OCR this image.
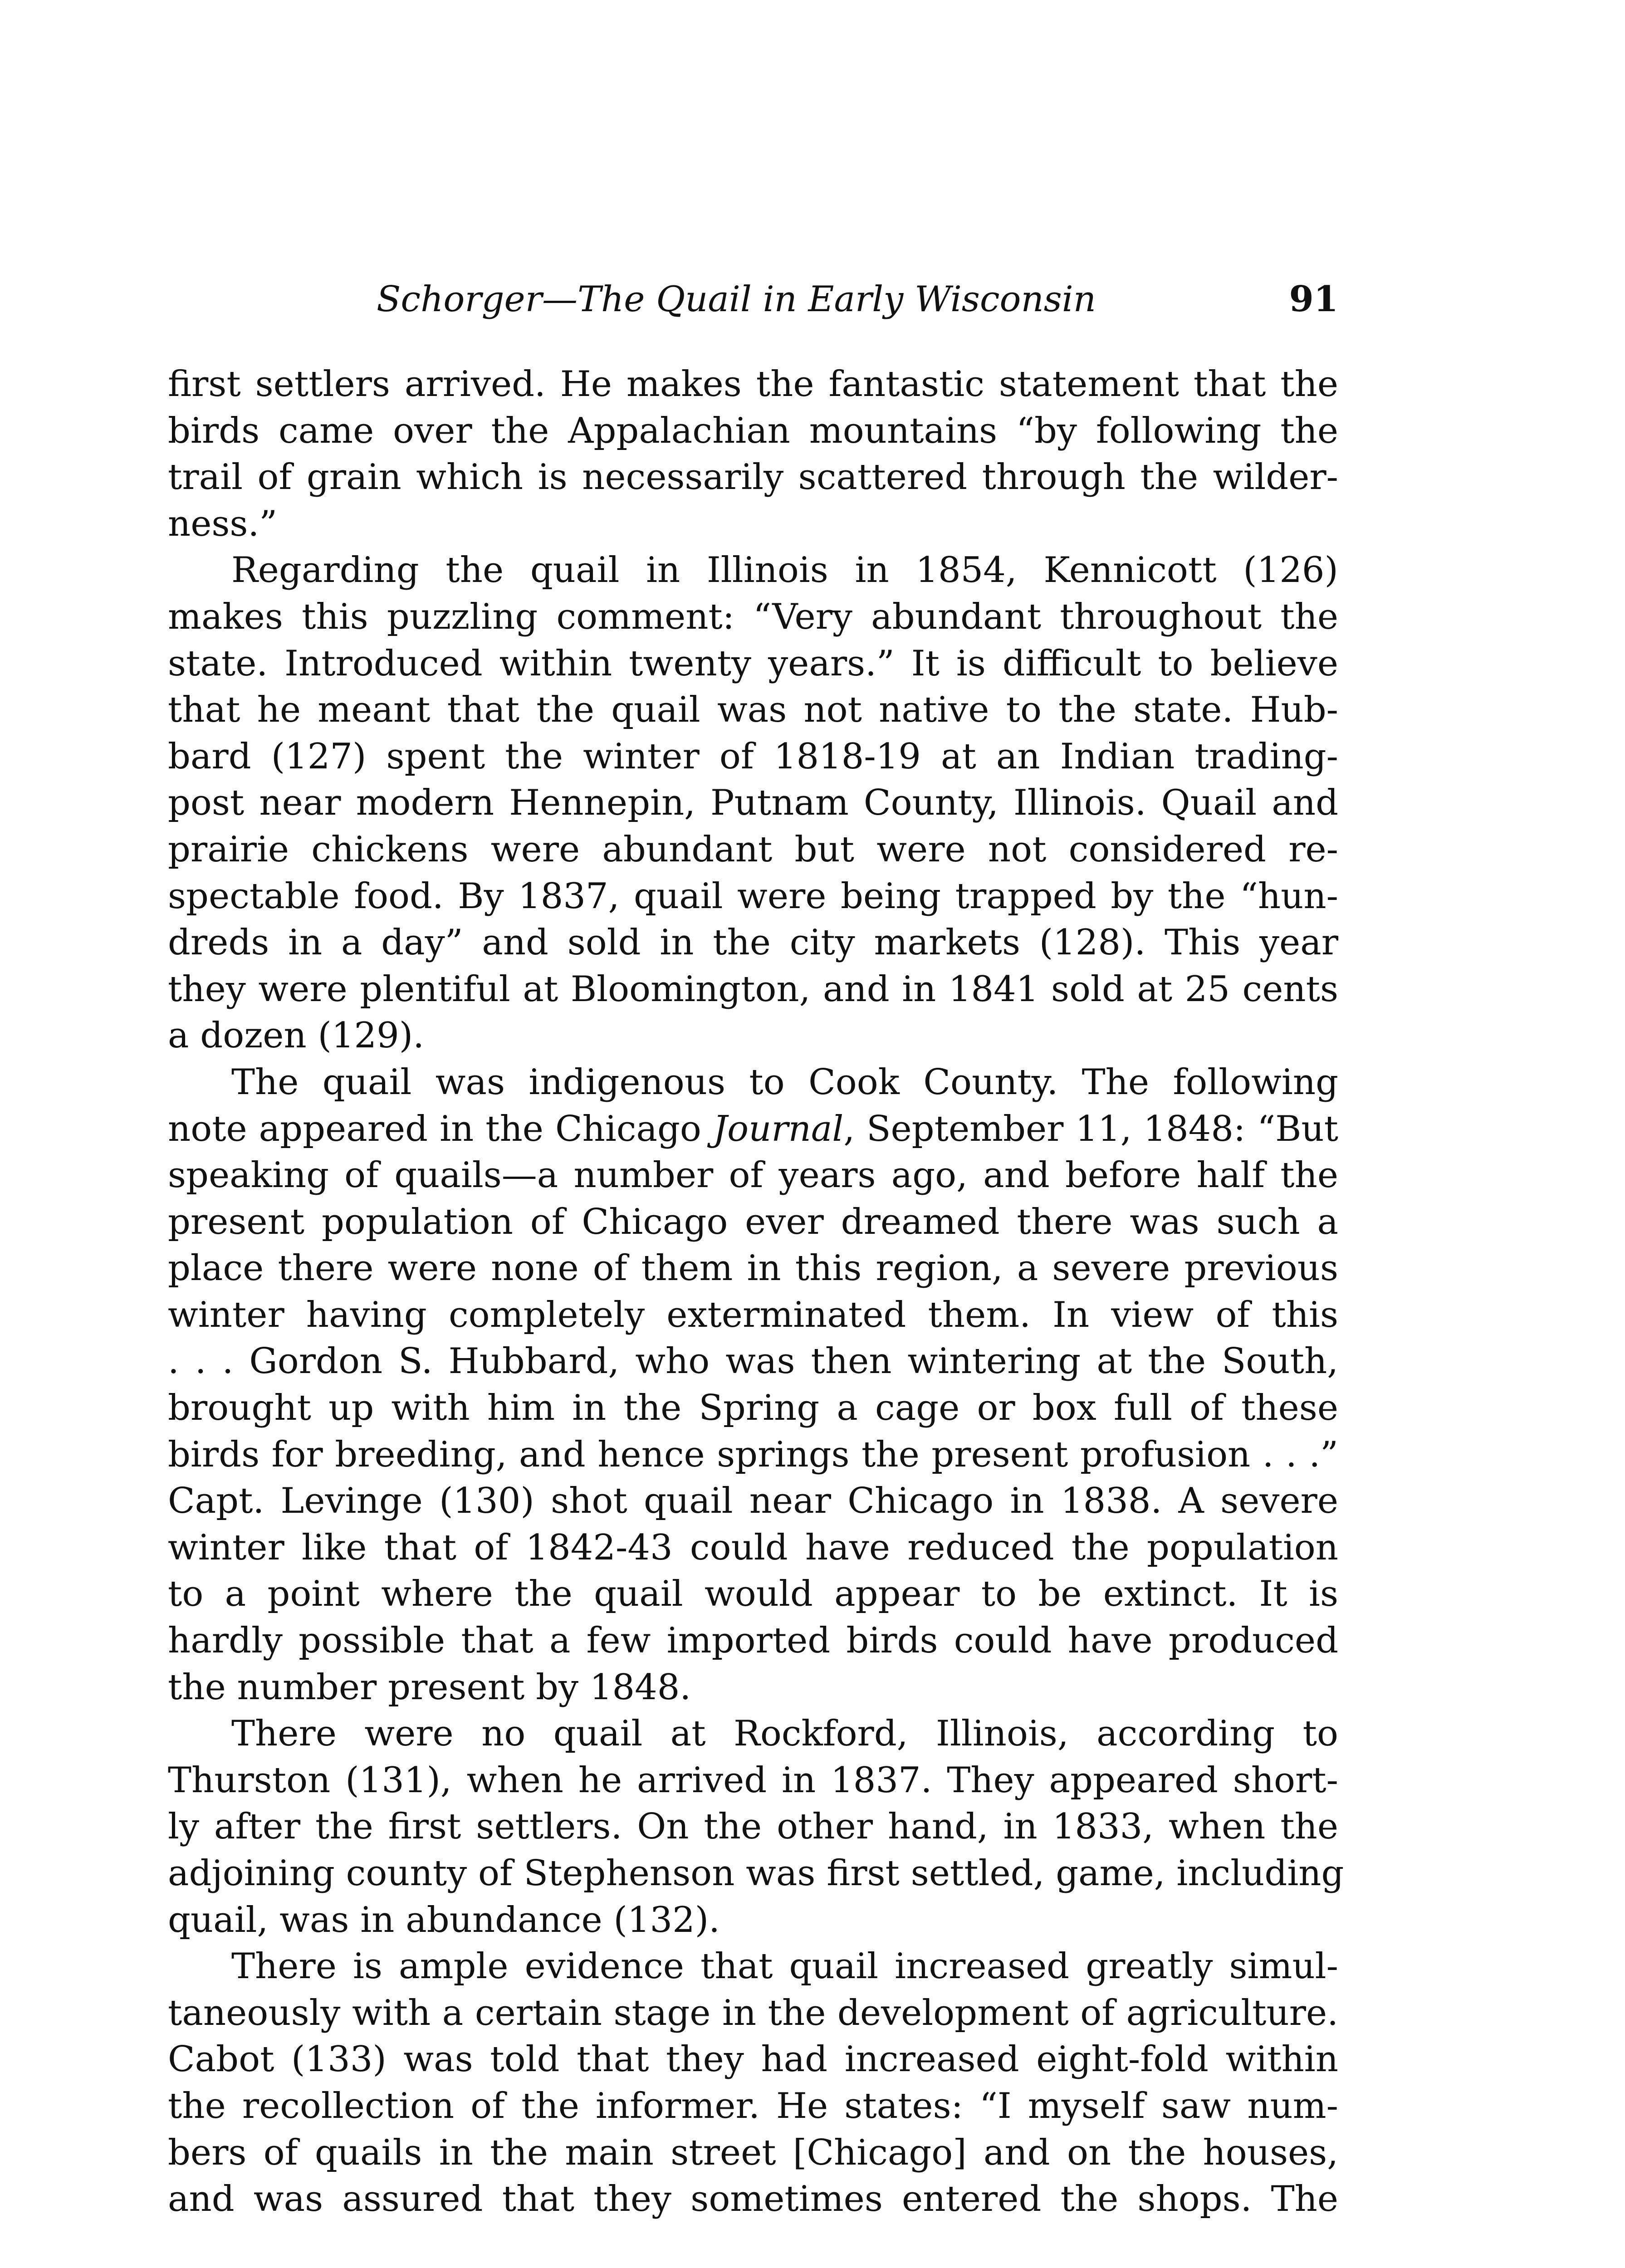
Schorger—The Quail in Early Wisconsin	91
first settlers arrived. He makes the fantastic statement that the
birds came over the Appalachian mountains “by following the
trail of grain which is necessarily scattered through the wilder-
ness.”
Regarding the quail in Illinois in 1854, Kennicott (126)
makes this puzzling comment: “Very abundant throughout the
state. Introduced within twenty years.” It is difficult to believe
that he meant that the quail was not native to the state. Hub-
bard (127) spent the winter of 1818-19 at an Indian trading-
post near modern Hennepin, Putnam County, Illinois. Quail and
prairie chickens were abundant but were not considered re-
spectable food. By 1837, quail were being trapped by the “hun-
dreds in a day” and sold in the city markets (128). This year
they were plentiful at Bloomington, and in 1841 sold at 25 cents
a dozen (129).
The quail was indigenous to Cook County. The following
note appeared in the Chicago Journal, September 11, 1848: “But
speaking of quails—a number of years ago, and before half the
present population of Chicago ever dreamed there was such a
place there were none of them in this region, a severe previous
winter having completely exterminated them. In view of this
. . . Gordon S. Hubbard, who was then wintering at the South,
brought up with him in the Spring a cage or box full of these
birds for breeding, and hence springs the present profusion . . .”
Capt. Levinge (130) shot quail near Chicago in 1838. A severe
winter like that of 1842-43 could have reduced the population
to a point where the quail would appear to be extinct. It is
hardly possible that a few imported birds could have produced
the number present by 1848.
There were no quail at Rockford, Illinois, according to
Thurston (131), when he arrived in 1837. They appeared short-
ly after the first settlers. On the other hand, in 1833, when the
adjoining county of Stephenson was first settled, game, including
quail, was in abundance (132).
There is ample evidence that quail increased greatly simul-
taneously with a certain stage in the development of agriculture.
Cabot (133) was told that they had increased eight-fold within
the recollection of the informer. He states: “I myself saw num-
bers of quails in the main street [Chicago] and on the houses,
and was assured that they sometimes entered the shops. The
